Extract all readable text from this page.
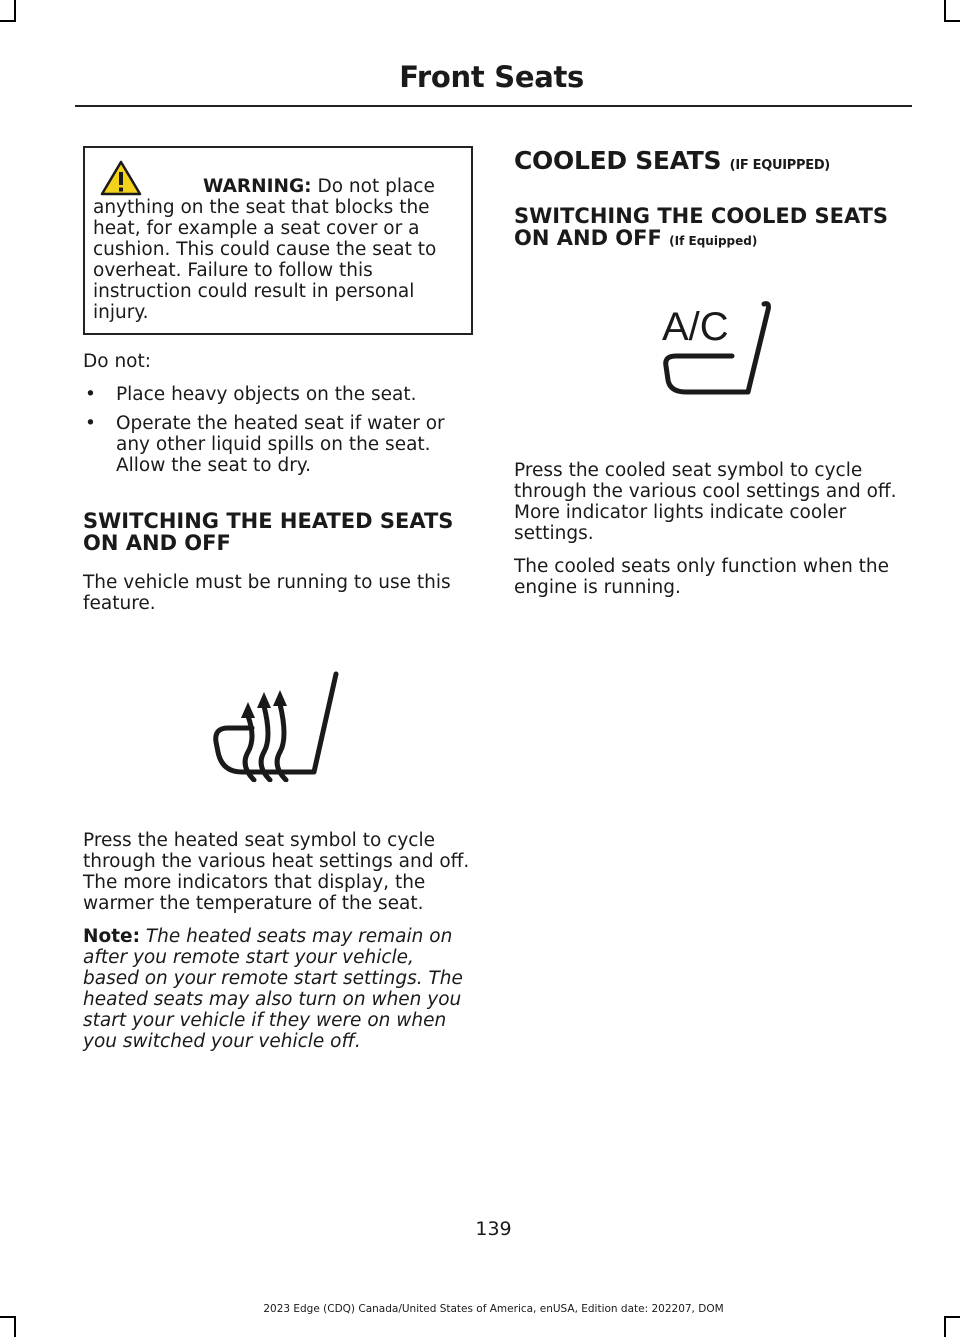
Front Seats
WARNING: Do not place anything on the seat that blocks the heat, for example a seat cover or a cushion. This could cause the seat to overheat. Failure to follow this instruction could result in personal injury.

Do not:

• Place heavy objects on the seat.
• Operate the heated seat if water or any other liquid spills on the seat. Allow the seat to dry.
SWITCHING THE HEATED SEATS
ON AND OFF

The vehicle must be running to use this feature.

Press the heated seat symbol to cycle through the various heat settings and off. The more indicators that display, the warmer the temperature of the seat.

Note: The heated seats may remain on after you remote start your vehicle, based on your remote start settings. The heated seats may also turn on when you start your vehicle if they were on when you switched your vehicle off.

COOLED SEATS (IF EQUIPPED)
SWITCHING THE COOLED SEATS
ON AND OFF (If Equipped)
A/C

Press the cooled seat symbol to cycle through the various cool settings and off. More indicator lights indicate cooler settings.

The cooled seats only function when the engine is running.

139
2023 Edge (CDQ) Canada/United States of America, enUSA, Edition date: 202207, DOM
